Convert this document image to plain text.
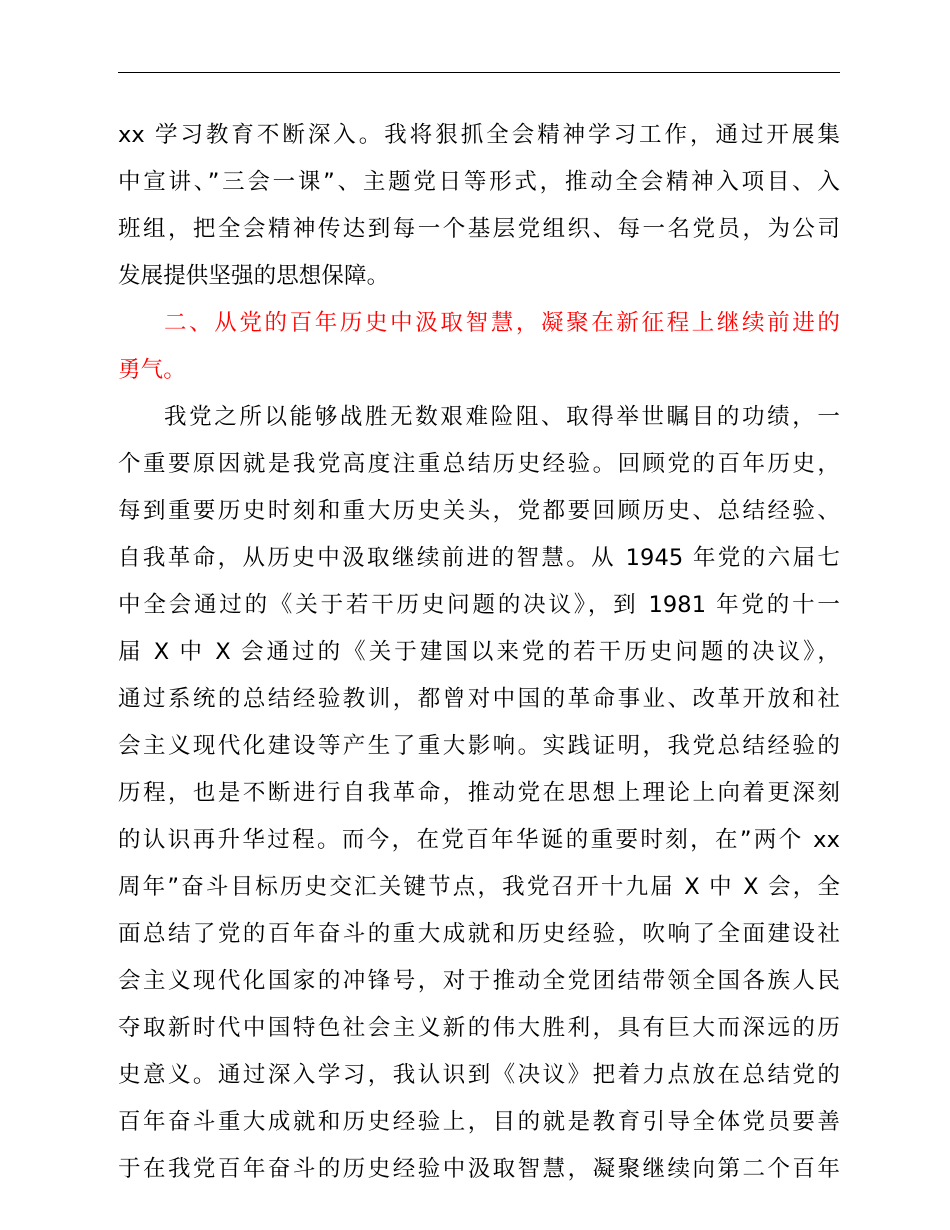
xx 学习教育不断深入。我将狠抓全会精神学习工作，通过开展集
中宣讲、”三会一课”、主题党日等形式，推动全会精神入项目、入
班组，把全会精神传达到每一个基层党组织、每一名党员，为公司
发展提供坚强的思想保障。
二、从党的百年历史中汲取智慧，凝聚在新征程上继续前进的
勇气。
我党之所以能够战胜无数艰难险阻、取得举世瞩目的功绩，一
个重要原因就是我党高度注重总结历史经验。回顾党的百年历史，
每到重要历史时刻和重大历史关头，党都要回顾历史、总结经验、
自我革命，从历史中汲取继续前进的智慧。从 1945 年党的六届七
中全会通过的《关于若干历史问题的决议》，到 1981 年党的十一
届 X 中 X 会通过的《关于建国以来党的若干历史问题的决议》，
通过系统的总结经验教训，都曾对中国的革命事业、改革开放和社
会主义现代化建设等产生了重大影响。实践证明，我党总结经验的
历程，也是不断进行自我革命，推动党在思想上理论上向着更深刻
的认识再升华过程。而今，在党百年华诞的重要时刻，在”两个 xx
周年”奋斗目标历史交汇关键节点，我党召开十九届 X 中 X 会，全
面总结了党的百年奋斗的重大成就和历史经验，吹响了全面建设社
会主义现代化国家的冲锋号，对于推动全党团结带领全国各族人民
夺取新时代中国特色社会主义新的伟大胜利，具有巨大而深远的历
史意义。通过深入学习，我认识到《决议》把着力点放在总结党的
百年奋斗重大成就和历史经验上，目的就是教育引导全体党员要善
于在我党百年奋斗的历史经验中汲取智慧，凝聚继续向第二个百年
